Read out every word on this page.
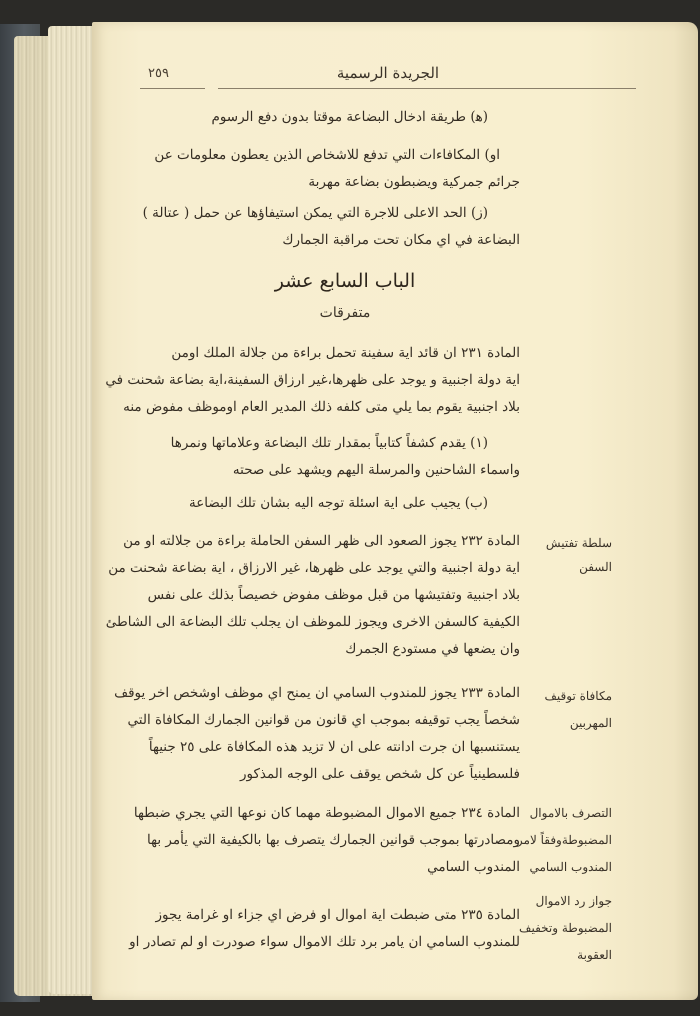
٢٥٩	الجريدة الرسمية
(ﻫ) طريقة ادخال البضاعة موقتا بدون دفع الرسوم
او) المكافاءات التي تدفع للاشخاص الذين يعطون معلومات عن
جرائم جمركية ويضبطون بضاعة مهربة
(ز) الحد الاعلى للاجرة التي يمكن استيفاؤها عن حمل ( عتالة )
البضاعة في اي مكان تحت مراقبة الجمارك
الباب السابع عشر
متفرقات
المادة ٢٣١ ان قائد اية سفينة تحمل براءة من جلالة الملك اومن
اية دولة اجنبية و يوجد على ظهرها،غير ارزاق السفينة،اية بضاعة شحنت في
بلاد اجنبية يقوم بما يلي متى كلفه ذلك المدير العام اوموظف مفوض منه
(١) يقدم كشفاً كتابياً بمقدار تلك البضاعة وعلاماتها ونمرها
واسماء الشاحنين والمرسلة اليهم ويشهد على صحته
(ب) يجيب على اية اسئلة توجه اليه بشان تلك البضاعة
المادة ٢٣٢ يجوز الصعود الى ظهر السفن الحاملة براءة من جلالته او من
اية دولة اجنبية والتي يوجد على ظهرها، غير الارزاق ، اية بضاعة شحنت من
بلاد اجنبية وتفتيشها من قبل موظف مفوض خصيصاً بذلك على نفس
الكيفية كالسفن الاخرى ويجوز للموظف ان يجلب تلك البضاعة الى الشاطئ
وان يضعها في مستودع الجمرك
سلطة تفتيش
السفن
المادة ٢٣٣ يجوز للمندوب السامي ان يمنح اي موظف اوشخص اخر يوقف
شخصاً يجب توقيفه بموجب اي قانون من قوانين الجمارك المكافاة التي
يستنسبها ان جرت ادانته على ان لا تزيد هذه المكافاة على ٢٥ جنيهاً
فلسطينياً عن كل شخص يوقف على الوجه المذكور
مكافاة توقيف
المهربين
المادة ٢٣٤ جميع الاموال المضبوطة مهما كان نوعها التي يجري ضبطها
ومصادرتها بموجب قوانين الجمارك يتصرف بها بالكيفية التي يأمر بها
المندوب السامي
التصرف بالاموال
المضبوطةوفقاً لامر
المندوب السامي
المادة ٢٣٥ متى ضبطت اية اموال او فرض اي جزاء او غرامة يجوز
للمندوب السامي ان يامر برد تلك الاموال سواء صودرت او لم تصادر او
جواز رد الاموال
المضبوطة وتخفيف
العقوبة
